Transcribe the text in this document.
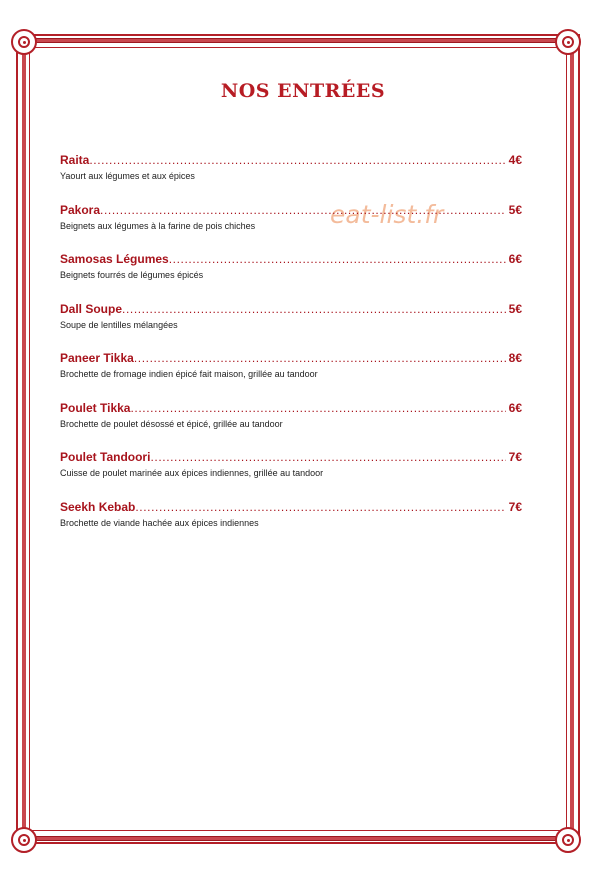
NOS ENTRÉES
eat-list.fr
Raita .....	4€
Yaourt aux légumes et aux épices
Pakora .....	5€
Beignets aux légumes à la farine de pois chiches
Samosas Légumes .....	6€
Beignets fourrés de légumes épicés
Dall Soupe .....	5€
Soupe de lentilles mélangées
Paneer Tikka .....	8€
Brochette de fromage indien épicé fait maison, grillée au tandoor
Poulet Tikka .....	6€
Brochette de poulet désossé et épicé, grillée au tandoor
Poulet Tandoori .....	7€
Cuisse de poulet marinée aux épices indiennes, grillée au tandoor
Seekh Kebab .....	7€
Brochette de viande hachée aux épices indiennes
